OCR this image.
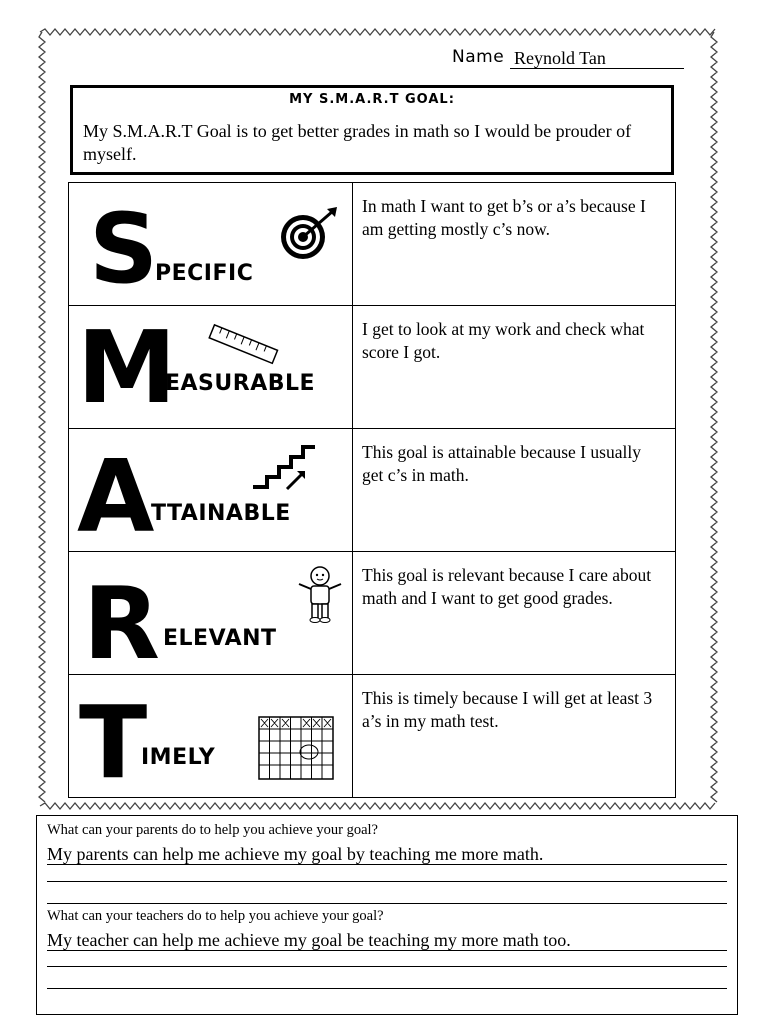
Name Reynold Tan
MY S.M.A.R.T GOAL:
My S.M.A.R.T Goal is to get better grades in math so I would be prouder of myself.
S
PECIFIC
In math I want to get b’s or a’s because I am getting mostly c’s now.
M
EASURABLE
I get to look at my work and check what score I got.
A
TTAINABLE
This goal is attainable because I usually get c’s in math.
R ELEVANT
This goal is relevant because I care about math and I want to get good grades.
T
IMELY
This is timely because I will get at least 3 a’s in my math test.
What can your parents do to help you achieve your goal?
My parents can help me achieve my goal by teaching me more math.
What can your teachers do to help you achieve your goal?
My teacher can help me achieve my goal be teaching my more math too.
